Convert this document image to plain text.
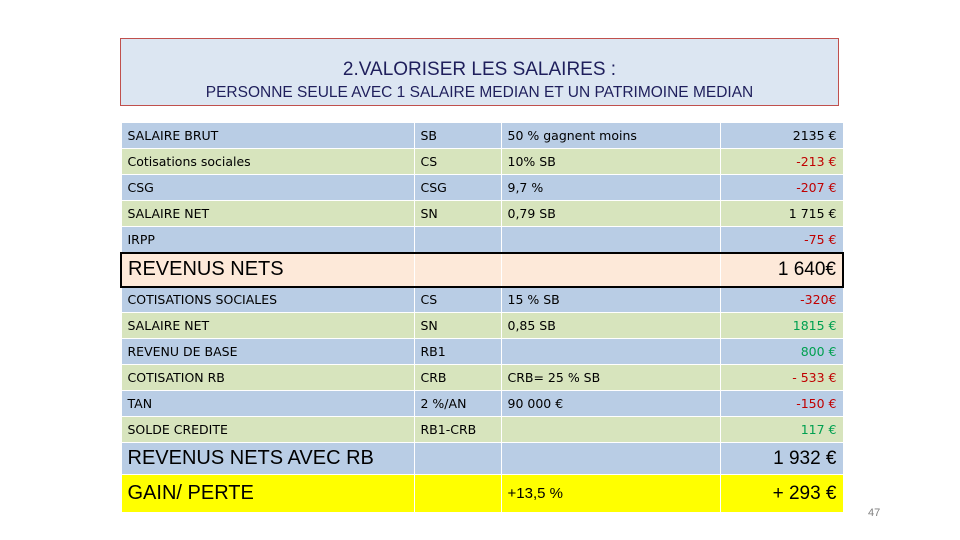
2.VALORISER LES SALAIRES :
PERSONNE SEULE AVEC 1 SALAIRE MEDIAN ET UN PATRIMOINE MEDIAN
SALAIRE BRUT	SB	50 % gagnent moins	2135 €
Cotisations sociales	CS	10% SB	-213 €
CSG	CSG	9,7 %	-207 €
SALAIRE NET	SN	0,79 SB	1 715 €
IRPP			-75 €
REVENUS NETS			1 640€
COTISATIONS SOCIALES	CS	15 % SB	-320€
SALAIRE NET	SN	0,85 SB	1815 €
REVENU DE BASE	RB1		800 €
COTISATION RB	CRB	CRB= 25 % SB	- 533 €
TAN	2 %/AN	90 000 €	-150 €
SOLDE CREDITE	RB1-CRB		117 €
REVENUS NETS AVEC RB			1 932 €
GAIN/ PERTE		+13,5 %	+ 293 €
47
